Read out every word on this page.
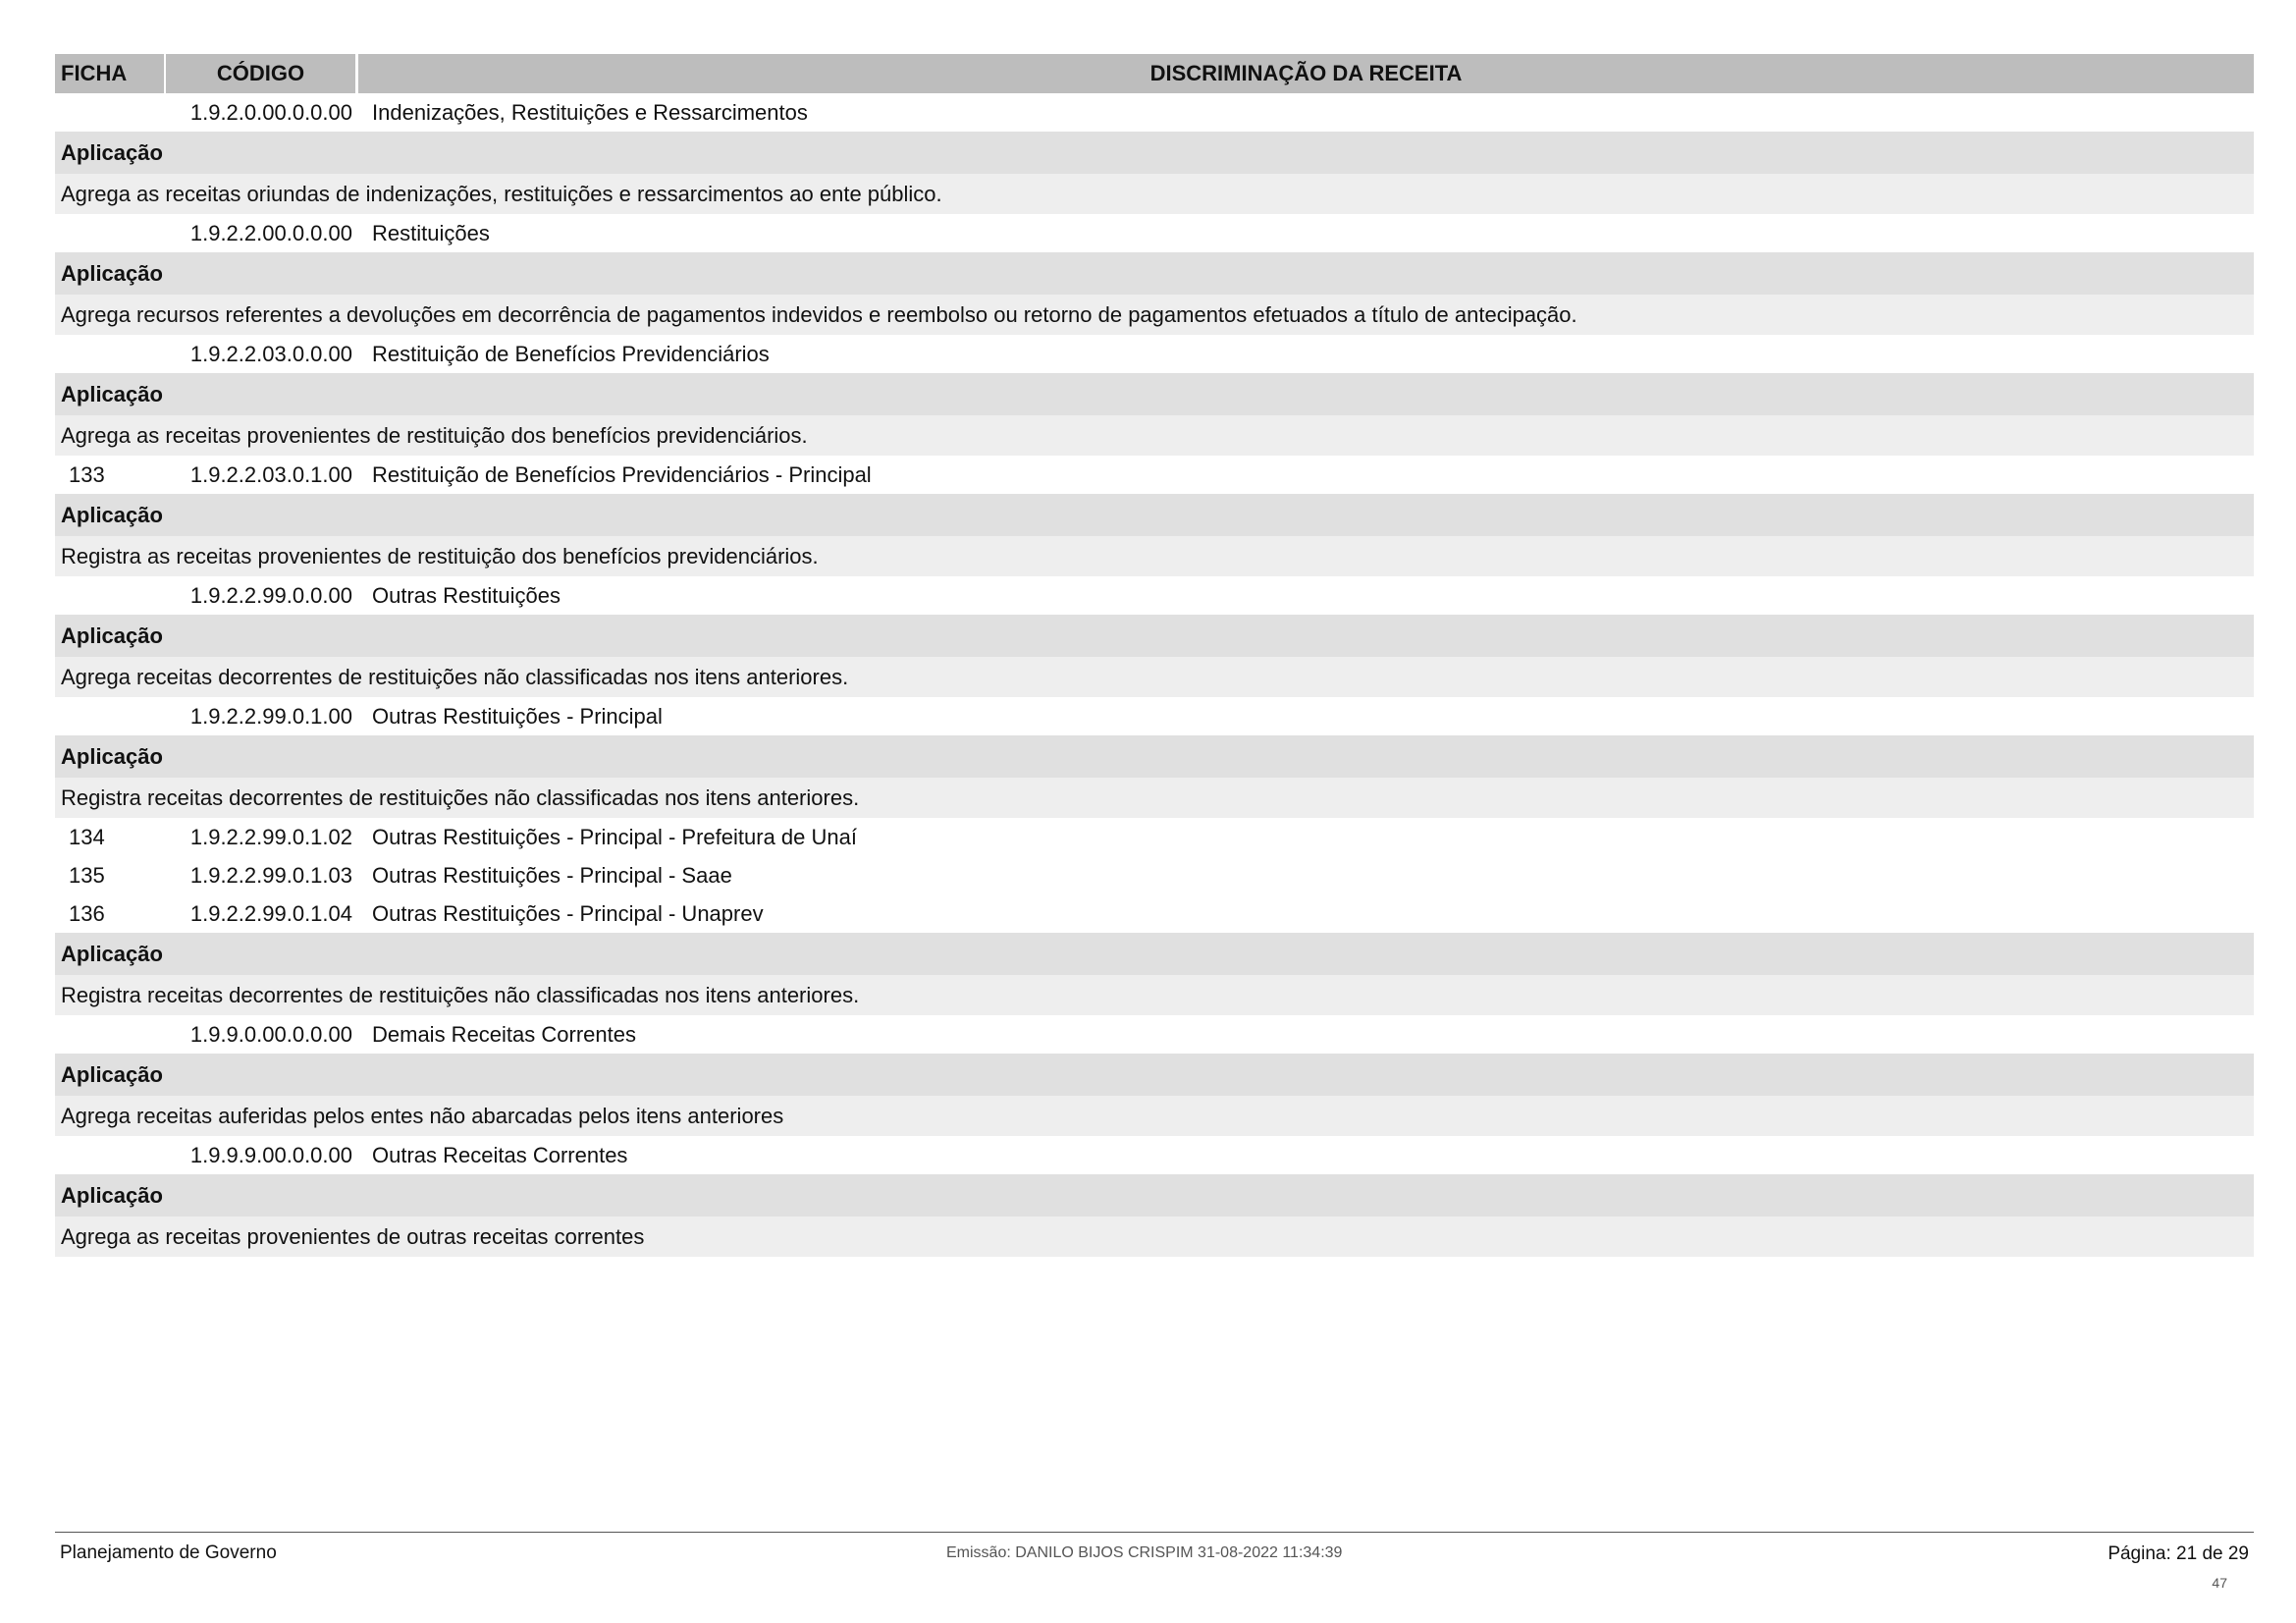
FICHA	CÓDIGO	DISCRIMINAÇÃO DA RECEITA
1.9.2.0.00.0.0.00 Indenizações, Restituições e Ressarcimentos
Aplicação
Agrega as receitas oriundas de indenizações, restituições e ressarcimentos ao ente público.
1.9.2.2.00.0.0.00 Restituições
Aplicação
Agrega recursos referentes a devoluções em decorrência de pagamentos indevidos e reembolso ou retorno de pagamentos efetuados a título de antecipação.
1.9.2.2.03.0.0.00 Restituição de Benefícios Previdenciários
Aplicação
Agrega as receitas provenientes de restituição dos benefícios previdenciários.
133	1.9.2.2.03.0.1.00 Restituição de Benefícios Previdenciários - Principal
Aplicação
Registra as receitas provenientes de restituição dos benefícios previdenciários.
1.9.2.2.99.0.0.00 Outras Restituições
Aplicação
Agrega receitas decorrentes de restituições não classificadas nos itens anteriores.
1.9.2.2.99.0.1.00 Outras Restituições - Principal
Aplicação
Registra receitas decorrentes de restituições não classificadas nos itens anteriores.
134	1.9.2.2.99.0.1.02 Outras Restituições - Principal - Prefeitura de Unaí
135	1.9.2.2.99.0.1.03 Outras Restituições - Principal - Saae
136	1.9.2.2.99.0.1.04 Outras Restituições - Principal - Unaprev
Aplicação
Registra receitas decorrentes de restituições não classificadas nos itens anteriores.
1.9.9.0.00.0.0.00 Demais Receitas Correntes
Aplicação
Agrega receitas auferidas pelos entes não abarcadas pelos itens anteriores
1.9.9.9.00.0.0.00 Outras Receitas Correntes
Aplicação
Agrega as receitas provenientes de outras receitas correntes
Planejamento de Governo	Emissão: DANILO BIJOS CRISPIM 31-08-2022 11:34:39	Página: 21 de 29
47
